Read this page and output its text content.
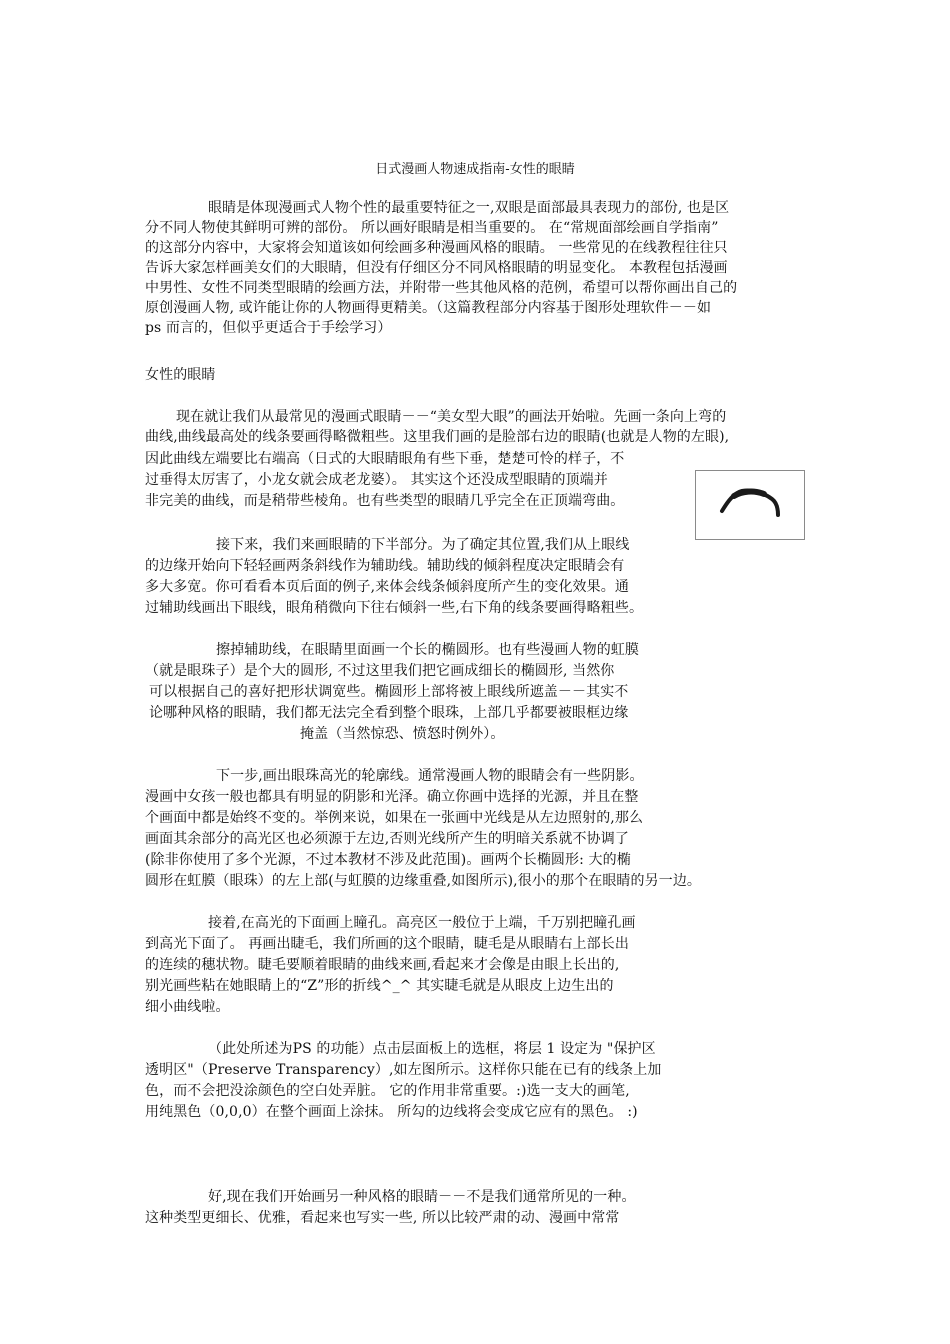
日式漫画人物速成指南-女性的眼睛
眼睛是体现漫画式人物个性的最重要特征之一,双眼是面部最具表现力的部份, 也是区
分不同人物使其鲜明可辨的部份。 所以画好眼睛是相当重要的。 在“常规面部绘画自学指南”
的这部分内容中，大家将会知道该如何绘画多种漫画风格的眼睛。 一些常见的在线教程往往只
告诉大家怎样画美女们的大眼睛，但没有仔细区分不同风格眼睛的明显变化。 本教程包括漫画
中男性、女性不同类型眼睛的绘画方法，并附带一些其他风格的范例，希望可以帮你画出自己的
原创漫画人物, 或许能让你的人物画得更精美。（这篇教程部分内容基于图形处理软件－－如
ps 而言的，但似乎更适合于手绘学习）
女性的眼睛
现在就让我们从最常见的漫画式眼睛－－“美女型大眼”的画法开始啦。先画一条向上弯的
曲线,曲线最高处的线条要画得略微粗些。这里我们画的是脸部右边的眼睛(也就是人物的左眼),
因此曲线左端要比右端高（日式的大眼睛眼角有些下垂，楚楚可怜的样子，不
过垂得太厉害了，小龙女就会成老龙婆）。 其实这个还没成型眼睛的顶端并
非完美的曲线，而是稍带些棱角。也有些类型的眼睛几乎完全在正顶端弯曲。
接下来，我们来画眼睛的下半部分。为了确定其位置,我们从上眼线
的边缘开始向下轻轻画两条斜线作为辅助线。辅助线的倾斜程度决定眼睛会有
多大多宽。你可看看本页后面的例子,来体会线条倾斜度所产生的变化效果。通
过辅助线画出下眼线，眼角稍微向下往右倾斜一些,右下角的线条要画得略粗些。
擦掉辅助线，在眼睛里面画一个长的椭圆形。也有些漫画人物的虹膜
（就是眼珠子）是个大的圆形, 不过这里我们把它画成细长的椭圆形, 当然你
可以根据自己的喜好把形状调宽些。椭圆形上部将被上眼线所遮盖－－其实不
论哪种风格的眼睛，我们都无法完全看到整个眼珠，上部几乎都要被眼框边缘
掩盖（当然惊恐、愤怒时例外）。
下一步,画出眼珠高光的轮廓线。通常漫画人物的眼睛会有一些阴影。
漫画中女孩一般也都具有明显的阴影和光泽。确立你画中选择的光源，并且在整
个画面中都是始终不变的。举例来说，如果在一张画中光线是从左边照射的,那么
画面其余部分的高光区也必须源于左边,否则光线所产生的明暗关系就不协调了
(除非你使用了多个光源，不过本教材不涉及此范围)。画两个长椭圆形: 大的椭
圆形在虹膜（眼珠）的左上部(与虹膜的边缘重叠,如图所示),很小的那个在眼睛的另一边。
接着,在高光的下面画上瞳孔。高亮区一般位于上端，千万别把瞳孔画
到高光下面了。 再画出睫毛，我们所画的这个眼睛，睫毛是从眼睛右上部长出
的连续的穗状物。睫毛要顺着眼睛的曲线来画,看起来才会像是由眼上长出的,
别光画些粘在她眼睛上的“Z”形的折线^_^ 其实睫毛就是从眼皮上边生出的
细小曲线啦。
（此处所述为PS 的功能）点击层面板上的选框，将层 1 设定为 "保护区
透明区"（Preserve Transparency）,如左图所示。这样你只能在已有的线条上加
色，而不会把没涂颜色的空白处弄脏。 它的作用非常重要。:)选一支大的画笔,
用纯黑色（0,0,0）在整个画面上涂抹。 所勾的边线将会变成它应有的黑色。 :)
好,现在我们开始画另一种风格的眼睛－－不是我们通常所见的一种。
这种类型更细长、优雅，看起来也写实一些, 所以比较严肃的动、漫画中常常
